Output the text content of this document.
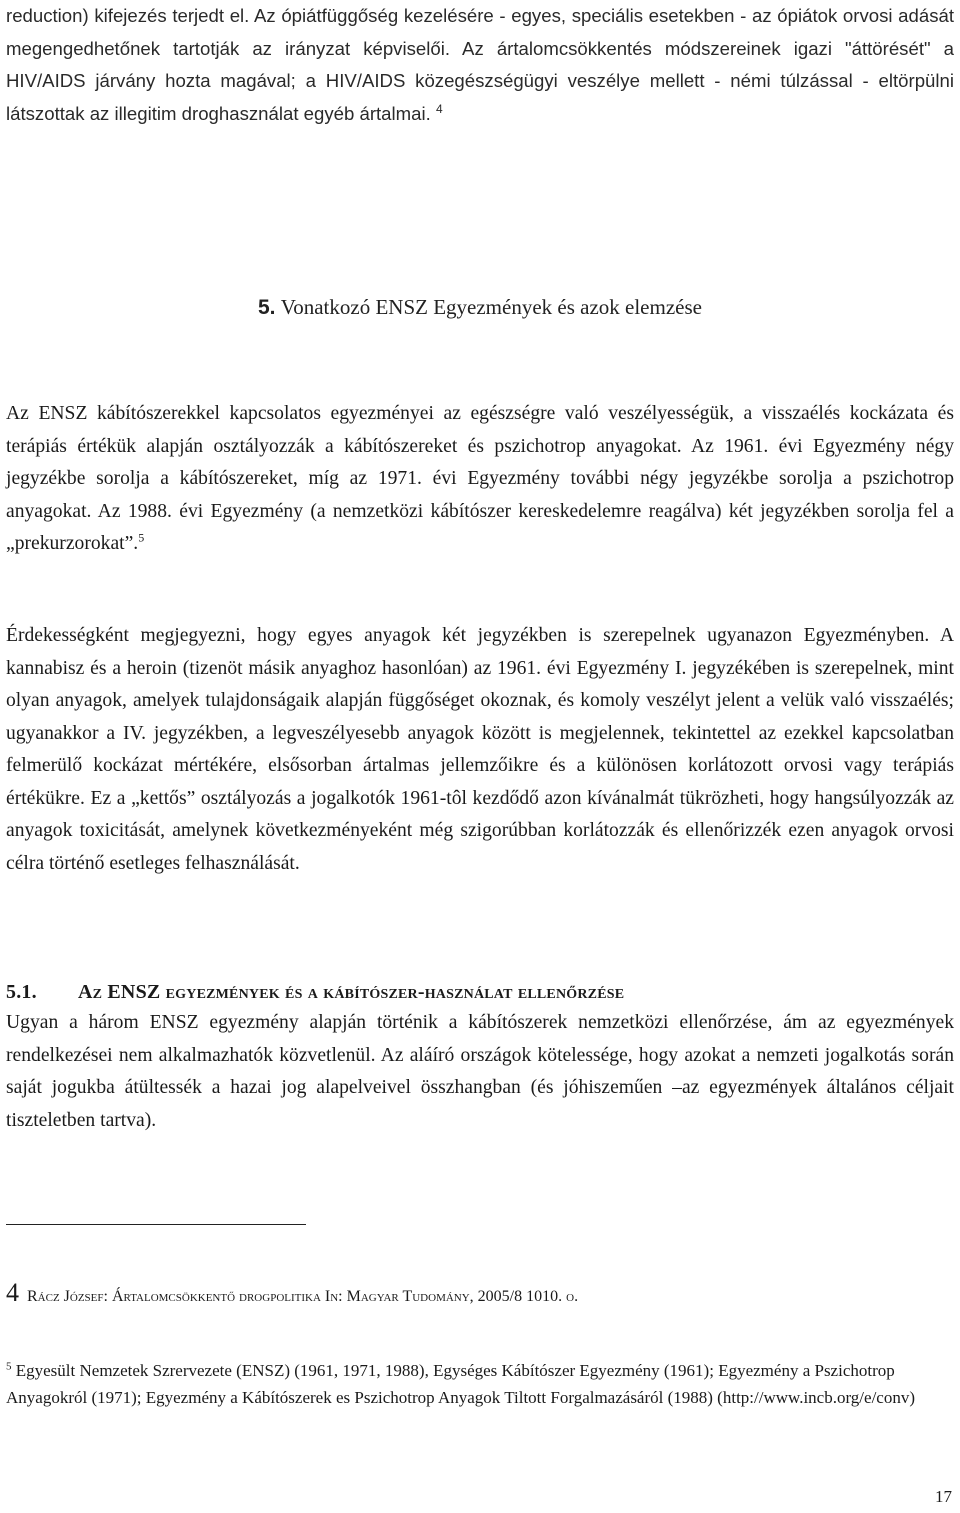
reduction) kifejezés terjedt el. Az ópiátfüggőség kezelésére - egyes, speciális esetekben - az ópiátok orvosi adását megengedhetőnek tartotják az irányzat képviselői. Az ártalomcsökkentés módszereinek igazi "áttörését" a HIV/AIDS járvány hozta magával; a HIV/AIDS közegészségügyi veszélye mellett - némi túlzással - eltörpülni látszottak az illegitim droghasználat egyéb ártalmai. $^4$

5. Vonatkozó ENSZ Egyezmények és azok elemzése

Az ENSZ kábítószerekkel kapcsolatos egyezményei az egészségre való veszélyességük, a visszaélés kockázata és terápiás értékük alapján osztályozzák a kábítószereket és pszichotrop anyagokat. Az 1961. évi Egyezmény négy jegyzékbe sorolja a kábítószereket, míg az 1971. évi Egyezmény további négy jegyzékbe sorolja a pszichotrop anyagokat. Az 1988. évi Egyezmény (a nemzetközi kábítószer kereskedelemre reagálva) két jegyzékben sorolja fel a „prekurzorokat”.$^5$

Érdekességként megjegyezni, hogy egyes anyagok két jegyzékben is szerepelnek ugyanazon Egyezményben. A kannabisz és a heroin (tizenöt másik anyaghoz hasonlóan) az 1961. évi Egyezmény I. jegyzékében is szerepelnek, mint olyan anyagok, amelyek tulajdonságaik alapján függőséget okoznak, és komoly veszélyt jelent a velük való visszaélés; ugyanakkor a IV. jegyzékben, a legveszélyesebb anyagok között is megjelennek, tekintettel az ezekkel kapcsolatban felmerülő kockázat mértékére, elsősorban ártalmas jellemzőikre és a különösen korlátozott orvosi vagy terápiás értékükre. Ez a „kettős” osztályozás a jogalkotók 1961-tôl kezdődő azon kívánalmát tükrözheti, hogy hangsúlyozzák az anyagok toxicitását, amelynek következményeként még szigorúbban korlátozzák és ellenőrizzék ezen anyagok orvosi célra történő esetleges felhasználását.

5.1. Az ENSZ egyezmények és a kábítószer-használat ellenőrzése

Ugyan a három ENSZ egyezmény alapján történik a kábítószerek nemzetközi ellenőrzése, ám az egyezmények rendelkezései nem alkalmazhatók közvetlenül. Az aláíró országok kötelessége, hogy azokat a nemzeti jogalkotás során saját jogukba átültessék a hazai jog alapelveivel összhangban (és jóhiszeműen –az egyezmények általános céljait tiszteletben tartva).

4 Rácz József: Ártalomcsökkentő drogpolitika In: Magyar Tudomány, 2005/8 1010. o.

$^5$ Egyesült Nemzetek Szrervezete (ENSZ) (1961, 1971, 1988), Egységes Kábítószer Egyezmény (1961); Egyezmény a Pszichotrop Anyagokról (1971); Egyezmény a Kábítószerek es Pszichotrop Anyagok Tiltott Forgalmazásáról (1988) (http://www.incb.org/e/conv)

17
